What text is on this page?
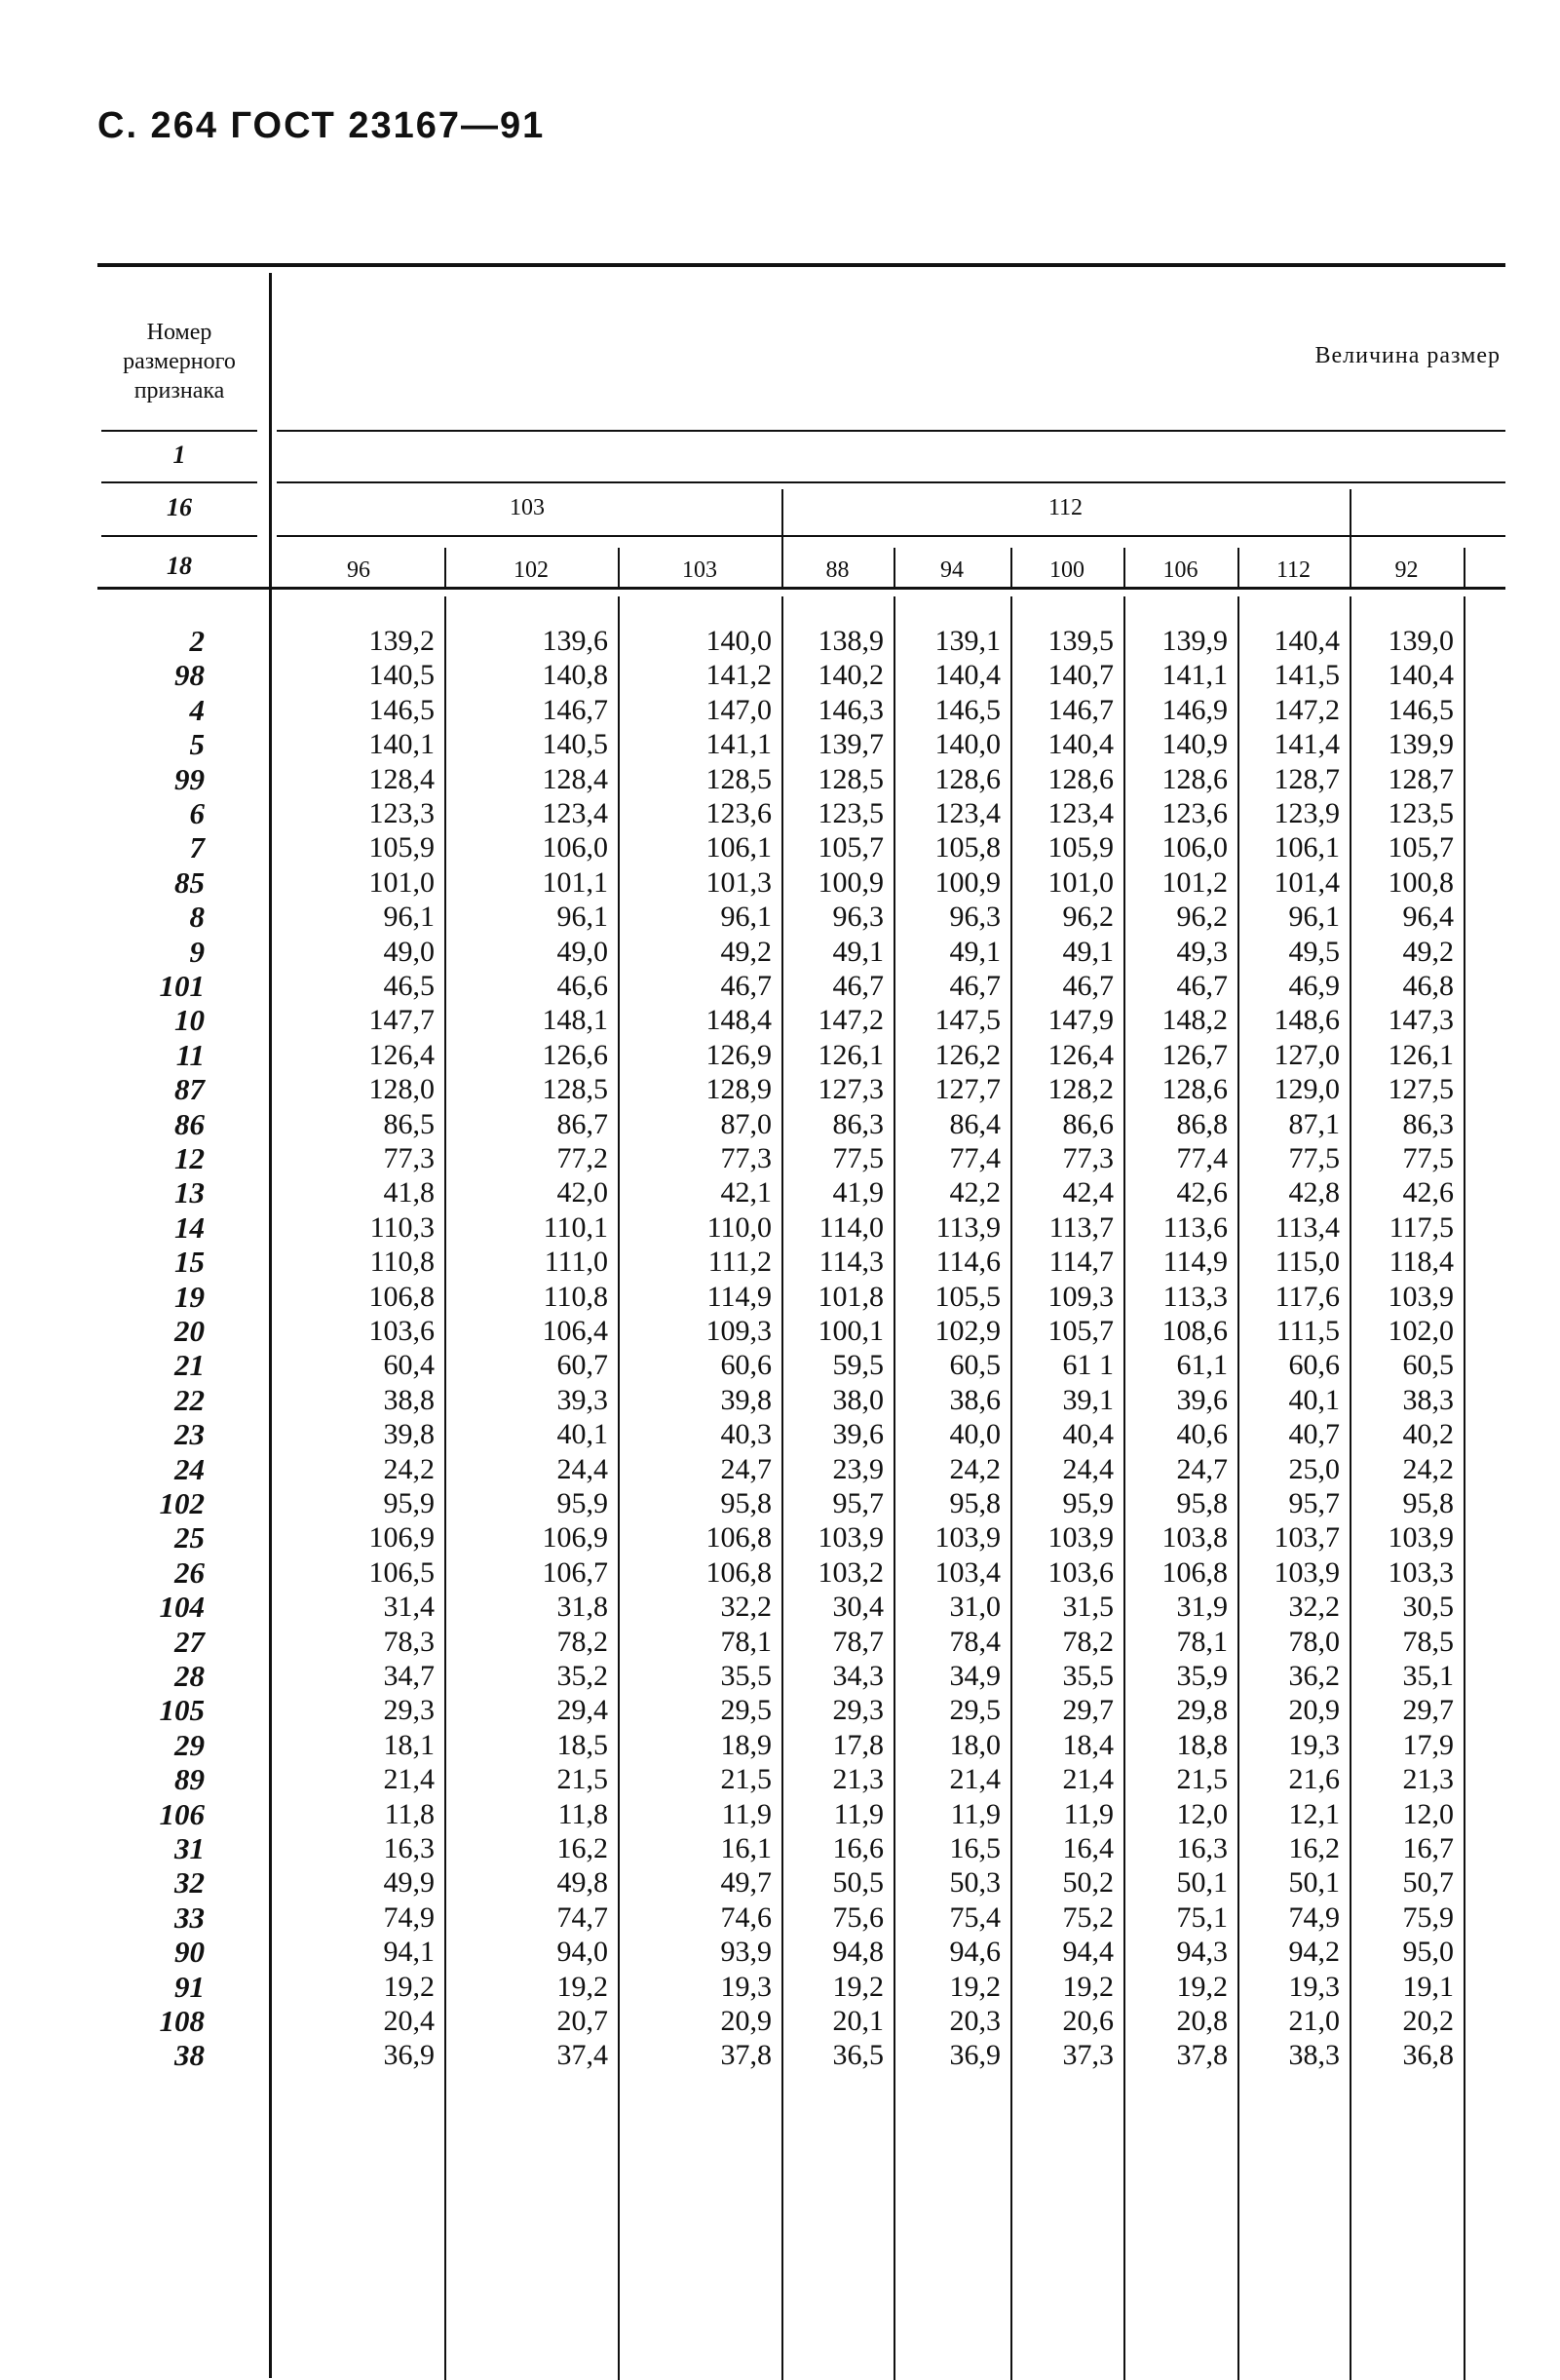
С. 264 ГОСТ 23167—91
Номер размерного признака
Величина размер
1
16
18
103	112
96	102	103	88	94	100	106	112	92
2	139,2	139,6	140,0	138,9	139,1	139,5	139,9	140,4	139,0
98	140,5	140,8	141,2	140,2	140,4	140,7	141,1	141,5	140,4
4	146,5	146,7	147,0	146,3	146,5	146,7	146,9	147,2	146,5
5	140,1	140,5	141,1	139,7	140,0	140,4	140,9	141,4	139,9
99	128,4	128,4	128,5	128,5	128,6	128,6	128,6	128,7	128,7
6	123,3	123,4	123,6	123,5	123,4	123,4	123,6	123,9	123,5
7	105,9	106,0	106,1	105,7	105,8	105,9	106,0	106,1	105,7
85	101,0	101,1	101,3	100,9	100,9	101,0	101,2	101,4	100,8
8	96,1	96,1	96,1	96,3	96,3	96,2	96,2	96,1	96,4
9	49,0	49,0	49,2	49,1	49,1	49,1	49,3	49,5	49,2
101	46,5	46,6	46,7	46,7	46,7	46,7	46,7	46,9	46,8
10	147,7	148,1	148,4	147,2	147,5	147,9	148,2	148,6	147,3
11	126,4	126,6	126,9	126,1	126,2	126,4	126,7	127,0	126,1
87	128,0	128,5	128,9	127,3	127,7	128,2	128,6	129,0	127,5
86	86,5	86,7	87,0	86,3	86,4	86,6	86,8	87,1	86,3
12	77,3	77,2	77,3	77,5	77,4	77,3	77,4	77,5	77,5
13	41,8	42,0	42,1	41,9	42,2	42,4	42,6	42,8	42,6
14	110,3	110,1	110,0	114,0	113,9	113,7	113,6	113,4	117,5
15	110,8	111,0	111,2	114,3	114,6	114,7	114,9	115,0	118,4
19	106,8	110,8	114,9	101,8	105,5	109,3	113,3	117,6	103,9
20	103,6	106,4	109,3	100,1	102,9	105,7	108,6	111,5	102,0
21	60,4	60,7	60,6	59,5	60,5	61 1	61,1	60,6	60,5
22	38,8	39,3	39,8	38,0	38,6	39,1	39,6	40,1	38,3
23	39,8	40,1	40,3	39,6	40,0	40,4	40,6	40,7	40,2
24	24,2	24,4	24,7	23,9	24,2	24,4	24,7	25,0	24,2
102	95,9	95,9	95,8	95,7	95,8	95,9	95,8	95,7	95,8
25	106,9	106,9	106,8	103,9	103,9	103,9	103,8	103,7	103,9
26	106,5	106,7	106,8	103,2	103,4	103,6	106,8	103,9	103,3
104	31,4	31,8	32,2	30,4	31,0	31,5	31,9	32,2	30,5
27	78,3	78,2	78,1	78,7	78,4	78,2	78,1	78,0	78,5
28	34,7	35,2	35,5	34,3	34,9	35,5	35,9	36,2	35,1
105	29,3	29,4	29,5	29,3	29,5	29,7	29,8	20,9	29,7
29	18,1	18,5	18,9	17,8	18,0	18,4	18,8	19,3	17,9
89	21,4	21,5	21,5	21,3	21,4	21,4	21,5	21,6	21,3
106	11,8	11,8	11,9	11,9	11,9	11,9	12,0	12,1	12,0
31	16,3	16,2	16,1	16,6	16,5	16,4	16,3	16,2	16,7
32	49,9	49,8	49,7	50,5	50,3	50,2	50,1	50,1	50,7
33	74,9	74,7	74,6	75,6	75,4	75,2	75,1	74,9	75,9
90	94,1	94,0	93,9	94,8	94,6	94,4	94,3	94,2	95,0
91	19,2	19,2	19,3	19,2	19,2	19,2	19,2	19,3	19,1
108	20,4	20,7	20,9	20,1	20,3	20,6	20,8	21,0	20,2
38	36,9	37,4	37,8	36,5	36,9	37,3	37,8	38,3	36,8
